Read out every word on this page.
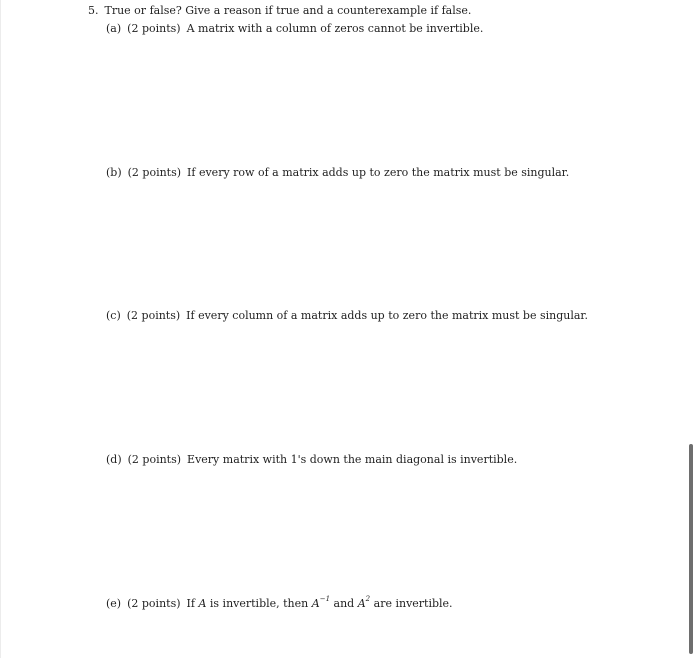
5. True or false? Give a reason if true and a counterexample if false.
(a) (2 points) A matrix with a column of zeros cannot be invertible.
(b) (2 points) If every row of a matrix adds up to zero the matrix must be singular.
(c) (2 points) If every column of a matrix adds up to zero the matrix must be singular.
(d) (2 points) Every matrix with 1's down the main diagonal is invertible.
(e) (2 points) If A is invertible, then $A^{-1}$ and $A^2$ are invertible.
